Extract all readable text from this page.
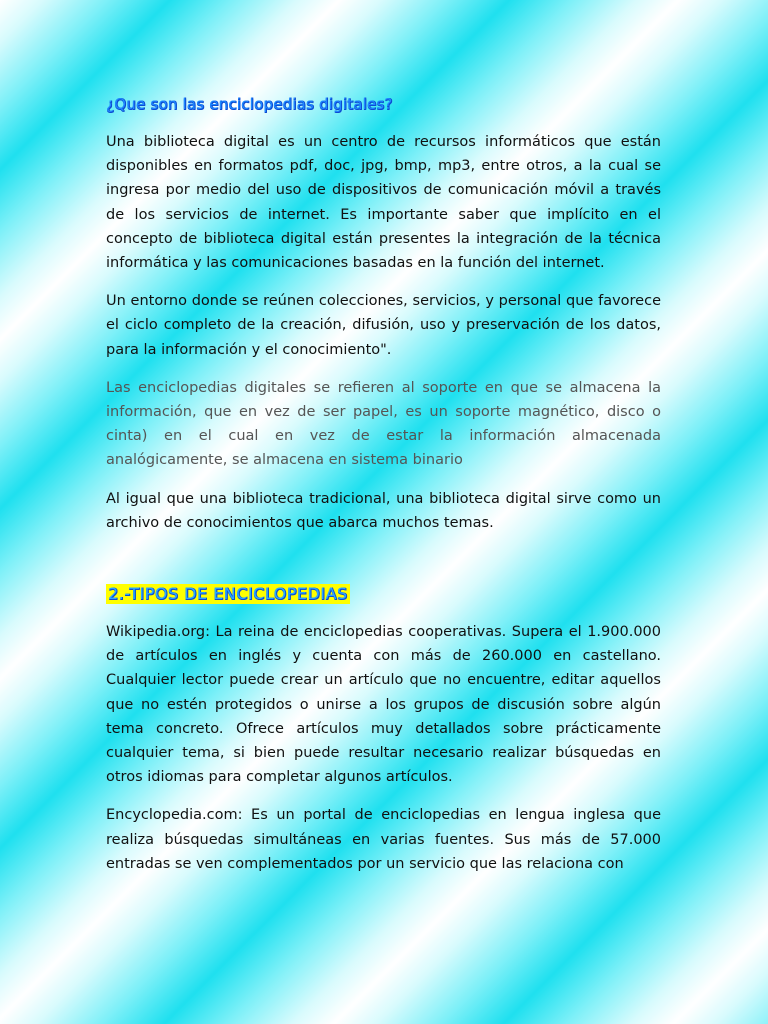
¿Que son las enciclopedias digitales?

Una biblioteca digital es un centro de recursos informáticos que están disponibles en formatos pdf, doc, jpg, bmp, mp3, entre otros, a la cual se ingresa por medio del uso de dispositivos de comunicación móvil a través de los servicios de internet. Es importante saber que implícito en el concepto de biblioteca digital están presentes la integración de la técnica informática y las comunicaciones basadas en la función del internet.

Un entorno donde se reúnen colecciones, servicios, y personal que favorece el ciclo completo de la creación, difusión, uso y preservación de los datos, para la información y el conocimiento".

Las enciclopedias digitales se refieren al soporte en que se almacena la información, que en vez de ser papel, es un soporte magnético, disco o cinta) en el cual en vez de estar la información almacenada analógicamente, se almacena en sistema binario

Al igual que una biblioteca tradicional, una biblioteca digital sirve como un archivo de conocimientos que abarca muchos temas.

2.-TIPOS DE ENCICLOPEDIAS

Wikipedia.org: La reina de enciclopedias cooperativas. Supera el 1.900.000 de artículos en inglés y cuenta con más de 260.000 en castellano. Cualquier lector puede crear un artículo que no encuentre, editar aquellos que no estén protegidos o unirse a los grupos de discusión sobre algún tema concreto. Ofrece artículos muy detallados sobre prácticamente cualquier tema, si bien puede resultar necesario realizar búsquedas en otros idiomas para completar algunos artículos.

Encyclopedia.com: Es un portal de enciclopedias en lengua inglesa que realiza búsquedas simultáneas en varias fuentes. Sus más de 57.000 entradas se ven complementados por un servicio que las relaciona con
